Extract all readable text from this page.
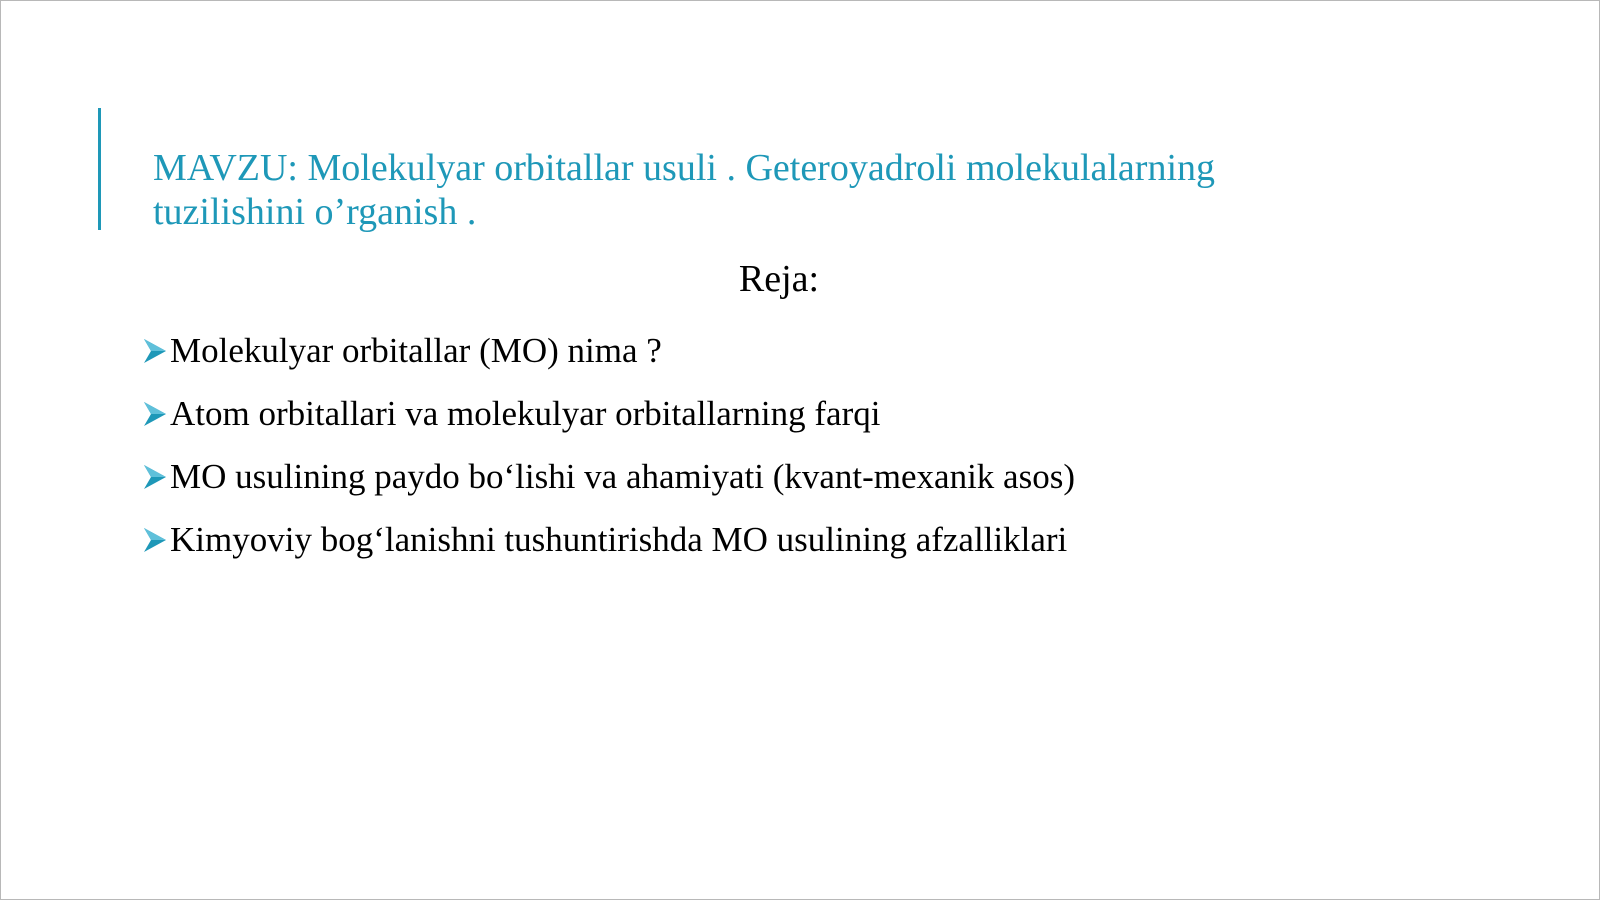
MAVZU: Molekulyar orbitallar usuli . Geteroyadroli molekulalarning tuzilishini o’rganish .
Reja:
Molekulyar orbitallar (MO) nima ?
Atom orbitallari va molekulyar orbitallarning farqi
MO usulining paydo bo‘lishi va ahamiyati (kvant-mexanik asos)
Kimyoviy bog‘lanishni tushuntirishda MO usulining afzalliklari
